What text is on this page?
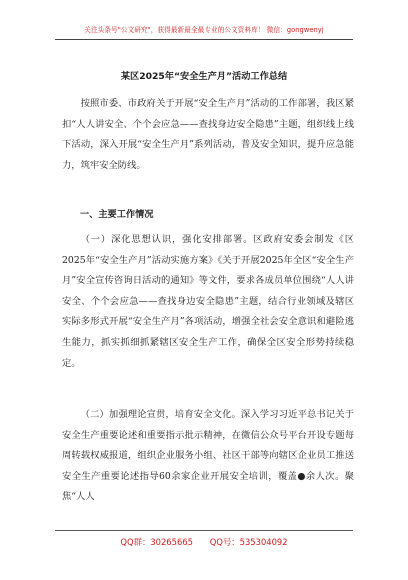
关注头条号"公文研究"，获得最新最全最专业的公文资料库！ 微信：gongwenyj
某区2025年“安全生产月”活动工作总结

按照市委、市政府关于开展“安全生产月”活动的工作部署，我区紧扣“人人讲安全、个个会应急——查找身边安全隐患”主题，组织线上线下活动，深入开展“安全生产月”系列活动，普及安全知识，提升应急能力，筑牢安全防线。

一、主要工作情况

（一）深化思想认识，强化安排部署。区政府安委会制发《区2025年“安全生产月”活动实施方案》《关于开展2025年全区“安全生产月”安全宣传咨询日活动的通知》等文件，要求各成员单位围绕“人人讲安全、个个会应急——查找身边安全隐患”主题，结合行业领域及辖区实际多形式开展“安全生产月”各项活动，增强全社会安全意识和避险逃生能力，抓实抓细抓紧辖区安全生产工作，确保全区安全形势持续稳定。

（二）加强理论宣贯，培育安全文化。深入学习习近平总书记关于安全生产重要论述和重要指示批示精神，在微信公众号平台开设专题每周转载权威报道，组织企业服务小组、社区干部等向辖区企业员工推送安全生产重要论述指导60余家企业开展安全培训，覆盖●余人次。聚焦“人人

QQ群：30265665　　QQ号：535304092
